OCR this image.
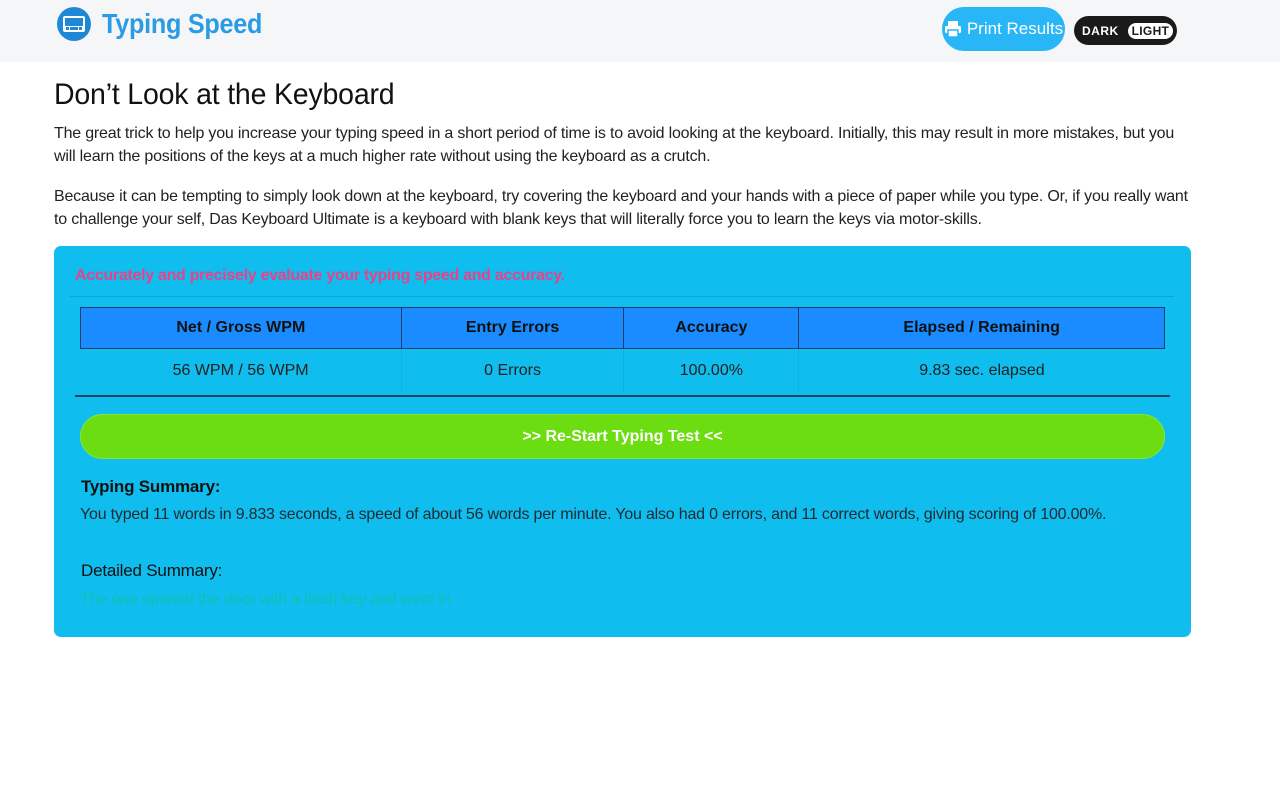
Typing Speed	Print Results DARK	LIGHT
Don’t Look at the Keyboard

The great trick to help you increase your typing speed in a short period of time is to avoid looking at the keyboard. Initially, this may result in more mistakes, but you will learn the positions of the keys at a much higher rate without using the keyboard as a crutch.

Because it can be tempting to simply look down at the keyboard, try covering the keyboard and your hands with a piece of paper while you type. Or, if you really want to challenge your self, Das Keyboard Ultimate is a keyboard with blank keys that will literally force you to learn the keys via motor-skills.

Accurately and precisely evaluate your typing speed and accuracy.
Net / Gross WPM	Entry Errors	Accuracy	Elapsed / Remaining
56 WPM / 56 WPM	0 Errors	100.00%	9.83 sec. elapsed
>> Re-Start Typing Test <<
Typing Summary:
You typed 11 words in 9.833 seconds, a speed of about 56 words per minute. You also had 0 errors, and 11 correct words, giving scoring of 100.00%.
Detailed Summary:
The one opened the door with a latch-key and went in.
